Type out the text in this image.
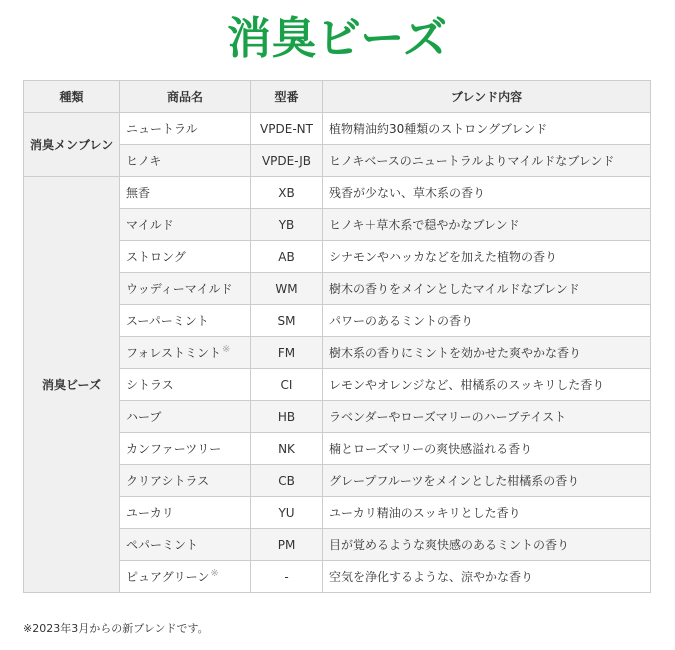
消臭ビーズ
種類	商品名	型番	ブレンド内容
消臭メンブレン	ニュートラル	VPDE-NT	植物精油約30種類のストロングブレンド
	ヒノキ	VPDE-JB	ヒノキベースのニュートラルよりマイルドなブレンド
消臭ビーズ	無香	XB	残香が少ない、草木系の香り
	マイルド	YB	ヒノキ＋草木系で穏やかなブレンド
	ストロング	AB	シナモンやハッカなどを加えた植物の香り
	ウッディーマイルド	WM	樹木の香りをメインとしたマイルドなブレンド
	スーパーミント	SM	パワーのあるミントの香り
	フォレストミント※	FM	樹木系の香りにミントを効かせた爽やかな香り
	シトラス	CI	レモンやオレンジなど、柑橘系のスッキリした香り
	ハーブ	HB	ラベンダーやローズマリーのハーブテイスト
	カンファーツリー	NK	楠とローズマリーの爽快感溢れる香り
	クリアシトラス	CB	グレープフルーツをメインとした柑橘系の香り
	ユーカリ	YU	ユーカリ精油のスッキリとした香り
	ペパーミント	PM	目が覚めるような爽快感のあるミントの香り
	ピュアグリーン※	-	空気を浄化するような、涼やかな香り
※2023年3月からの新ブレンドです。
